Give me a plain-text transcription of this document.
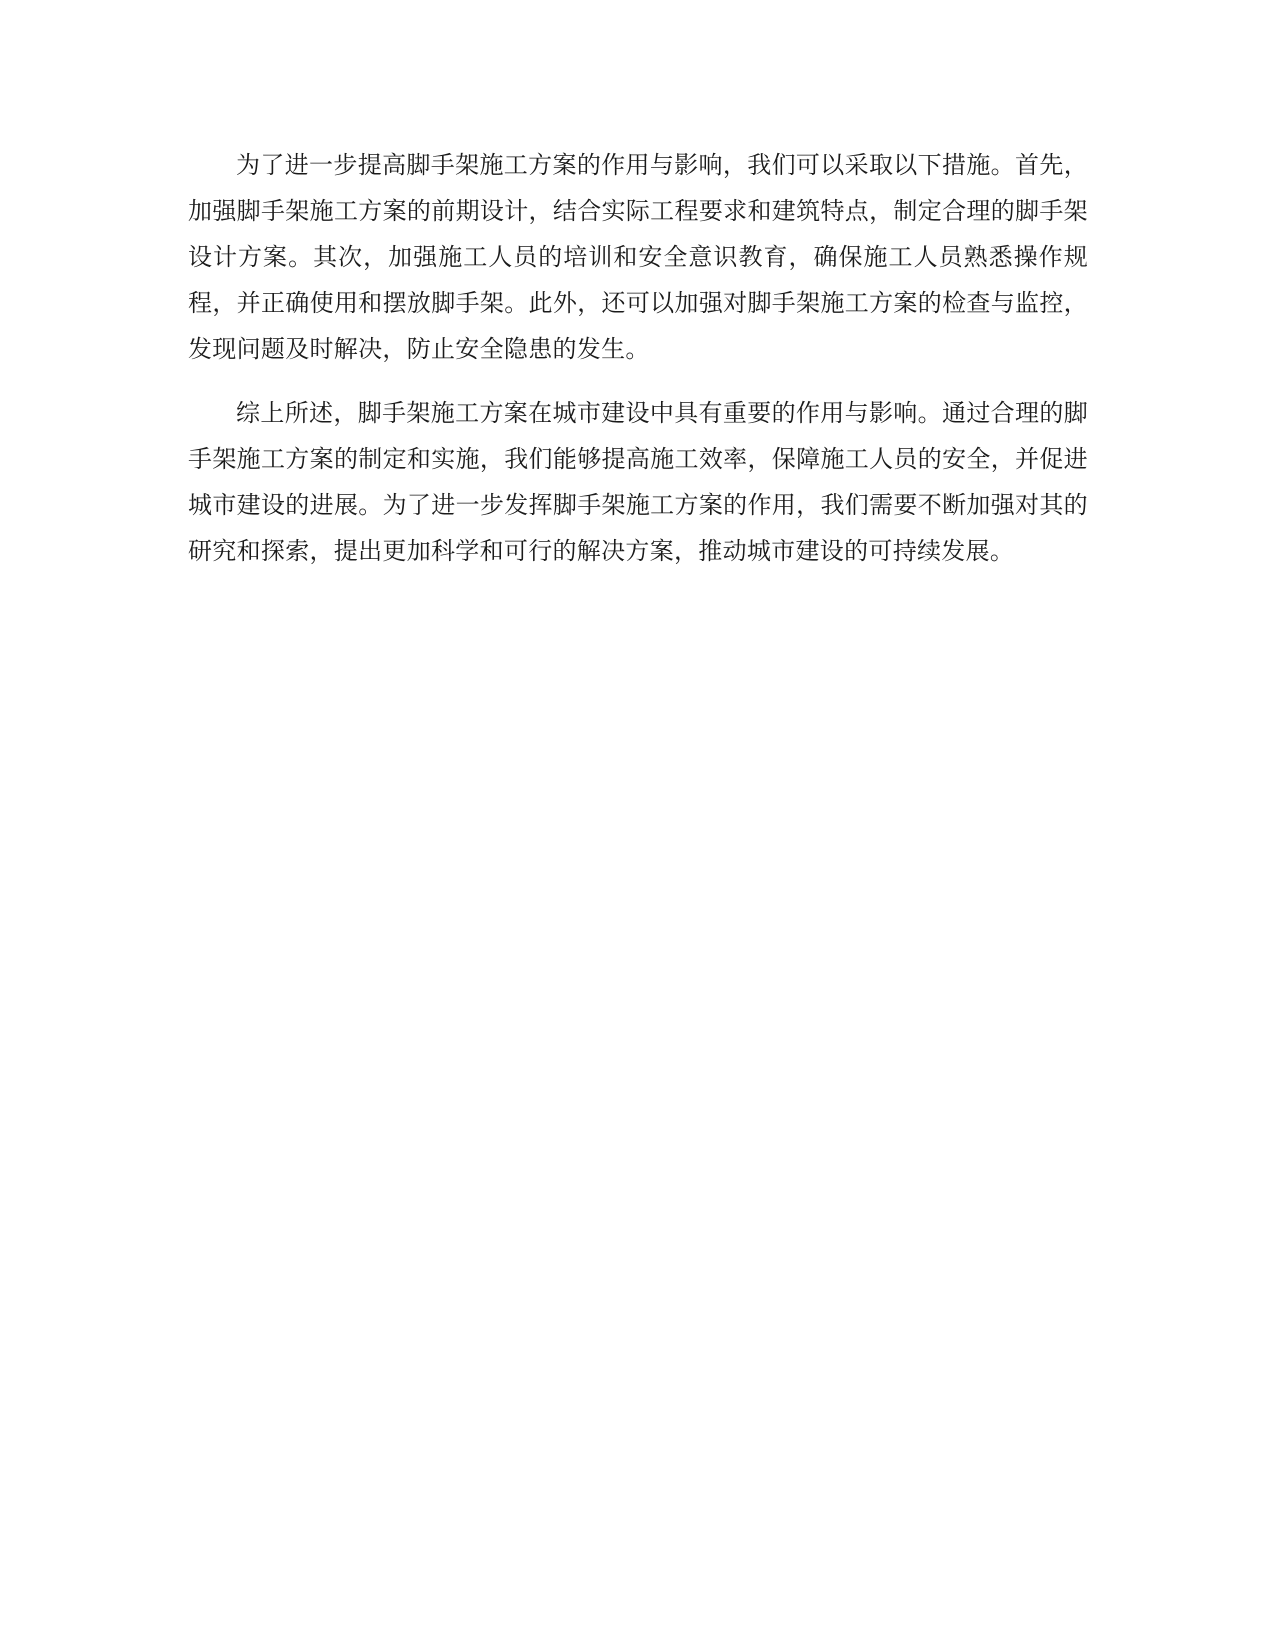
为了进一步提高脚手架施工方案的作用与影响，我们可以采取以下措施。首先，加强脚手架施工方案的前期设计，结合实际工程要求和建筑特点，制定合理的脚手架设计方案。其次，加强施工人员的培训和安全意识教育，确保施工人员熟悉操作规程，并正确使用和摆放脚手架。此外，还可以加强对脚手架施工方案的检查与监控，发现问题及时解决，防止安全隐患的发生。

综上所述，脚手架施工方案在城市建设中具有重要的作用与影响。通过合理的脚手架施工方案的制定和实施，我们能够提高施工效率，保障施工人员的安全，并促进城市建设的进展。为了进一步发挥脚手架施工方案的作用，我们需要不断加强对其的研究和探索，提出更加科学和可行的解决方案，推动城市建设的可持续发展。
